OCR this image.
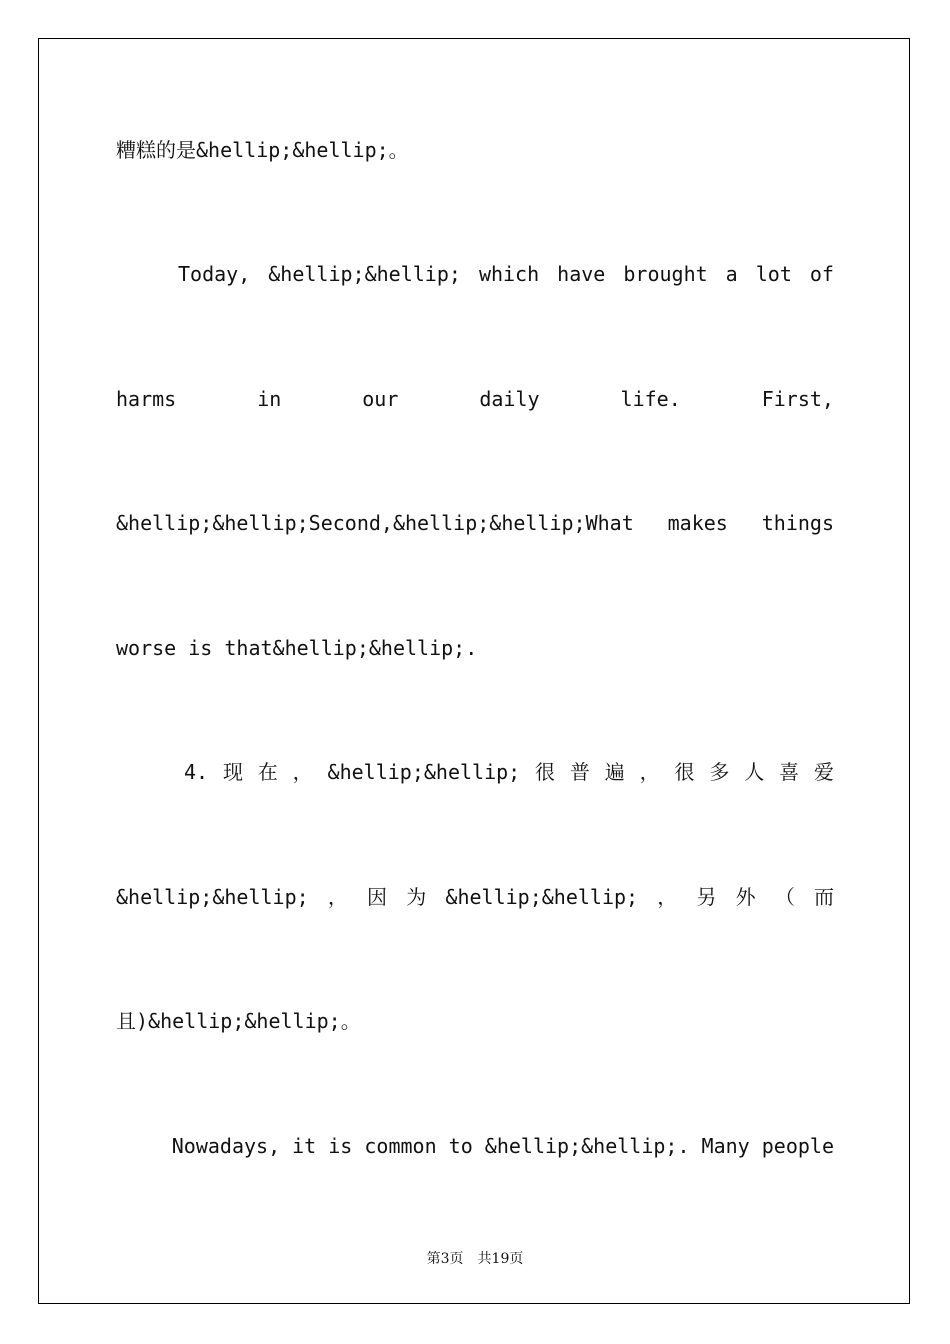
糟糕的是&hellip;&hellip;。
Today, &hellip;&hellip; which have brought a lot of
harms	in	our	daily	life.	First,
&hellip;&hellip;Second,&hellip;&hellip;What makes things
worse is that&hellip;&hellip;.
4. 现 在 ， &hellip;&hellip; 很 普 遍 ， 很 多 人 喜 爱
&hellip;&hellip; ， 因 为 &hellip;&hellip; ， 另 外 （ 而
且)&hellip;&hellip;。
Nowadays, it is common to &hellip;&hellip;. Many people
第3页　共19页
